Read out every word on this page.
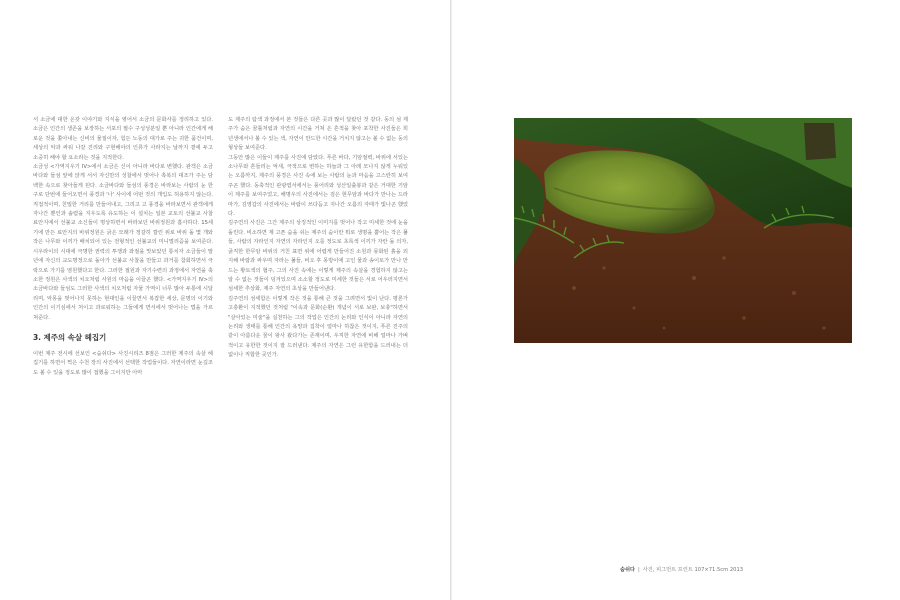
서 소금에 대한 온갖 이야기와 지식을 엮어서 소금의 문화사를 정리하고 있다. 소금은 인간의 생존을 보장하는 서포의 필수 구성성분일 뿐 아니라 인간에게 해로운 것을 쫓아내는 신비의 물질이자, 힘든 노동의 대가로 주는 귀한 품건이며, 세상의 악과 싸워 나갈 진리와 구현해야의 인류가 사라지는 날까지 곁에 두고 소중히 해야 할 요소라는 것을 지적한다.

소금성 <가역지우기 IV>에서 소금은 신이 아니라 바다로 변했다. 관객은 소금바다와 들섬 앞에 앉게 서서 자신만의 성찰에서 벗어나 촉복의 대조가 주는 담백한 속으로 찾아들게 된다. 소금바다와 들섬의 풍경은 바라보는 사람의 눈 한구로 단번에 들어오면서 풍경과 '나' 사이에 어떤 것의 개입도 허용하지 않는다. 직접적이며, 친밀한 거리를 만들어내고, 그리고 고 풍경을 바라보면서 관객에게 자나간 뿐인과 솔렴을 지우도록 유도하는 이 설치는 일본 교토의 선불교 사찰 료안지에서 선불교 소신들이 명상하면서 바라보던 바위정원과 흡사하다. 15세기에 만든 료안지의 바위정원은 굵은 모래가 정갈히 깔린 위로 바위 돌 몇 개와 작은 나무와 이끼가 배치되어 있는 전형적인 선불교의 미니멀리즘을 보여준다. 시우라이의 시대에 극명한 권력의 투쟁과 좌절을 맛보았던 통치자 소금들이 말년에 자신의 교도명정으로 돌아가 선불교 사찰을 만들고 과거를 참회하면서 극락으로 가기를 염원했다고 한다. 그러한 절원과 자기수련의 과정에서 자연을 축소한 정원은 사색의 치오처럼 사원의 마음을 이끌곤 했다. <가역지우기 IV>의 소금바다와 들섬도 그러한 사색의 치오처럼 자물 가역이 너무 많아 두통에 시달리며, 악몽을 벗어나지 못하는 현대인을 이끌면서 복잡한 세상, 문명의 이기와 인간의 이기심에서 처이고 과로워하는 그들에게 면서에서 벗어나는 법을 가르쳐준다.

3. 제주의 속살 헤집기

이번 제주 전시에 선보인 <숨쉬다> 사진시리즈 8점은 그러한 제주의 속살 헤집기를 하면서 찍은 수천 장의 사진에서 선택한 작업들이다. 자연이라면 눈길조도 볼 수 있을 정도로 많이 접했을 그이지만 아마

도 제주의 탐색 과정에서 본 것들은 다른 곳과 많이 달랐던 것 같다. 동의 섬 제주가 숨은 꿈틀처럼과 자연의 시간을 거쳐 온 흔적을 찾아 포착한 사진들은 희년생에서나 볼 수 있는 색, 자연이 만드한 시간을 거치지 않고는 볼 수 없는 동의 형상들 보여준다.

그동안 많은 이들이 제주를 사진에 담았다. 푸른 바다, 기암절벽, 바위에 서있는 소나무와 흔들리는 억새, 극적으로 변하는 하늘과 그 아래 모나지 않게 누워있는 오름까지, 제주의 풍경은 사진 속에 보는 사람의 눈과 마음을 고스란히 보여주곤 했다. 동축적인 관광엽서에서는 풍어리와 성산일출봉과 같은 거대한 기암이 제주를 보여주었고, 해명우의 사진에서는 검은 현무암과 바다가 만나는 드라마가, 김영갑의 사진에서는 바람이 쓰다듬고 지나간 오름의 자태가 빛나곤 했었다.

김주연의 사진은 그간 제주의 상징적인 이미지를 벗어나 작고 미세한 것에 눈을 돌린다. 비소하면 제 고픈 숨을 쉬는 제주의 숨이란 뭐로 생명을 뿜어는 작은 풀들, 사람의 자라인지 자연의 자라인지 오를 정도로 초록색 이끼가 자란 돌 의자, 굵직한 한무암 바위의 거친 표면 위에 어렵게 만들어진 소원과 몽화된 흙을 외지해 바람과 싸우며 자라는 풀들, 비오 후 몽방이에 고인 물과 송이토가 만나 만드는 황토색의 협주, 그의 사진 속에는 이렇게 제주의 속살을 경험하지 않고는 알 수 없는 것들이 딩겨있으며 소소할 정도로 미세한 것들은 서로 어우러지면서 섬세한 추상화, 제주 자연의 초상을 만들어낸다.

김주연의 섬세함은 이렇게 작은 것을 통해 큰 것을 그려면서 빛이 난다. 평론가 고충환이 지적했던 것처럼 "이속과 문화(순환) 개념이 서로 보완, 보충"하면서 "살아있는 미술"을 실천하는 그의 작업은 인간의 논리와 인식이 아니라 자연의 논리와 생태를 통해 인간의 욕망과 집착이 얼마나 하찮은 것이지, 푸른 진주의 같이 아름다운 꿈이 왕사 왔다가는 존재이며, 우직한 자연에 비해 얼마나 가벼적이고 유한한 것이지 잘 드러낸다. 제주의 자연은 그런 유한함을 드러내는 더 없이나 직합한 곳인가.

숨쉬다 | 사진, 피그먼트 프린트 107×71.5cm 2013
